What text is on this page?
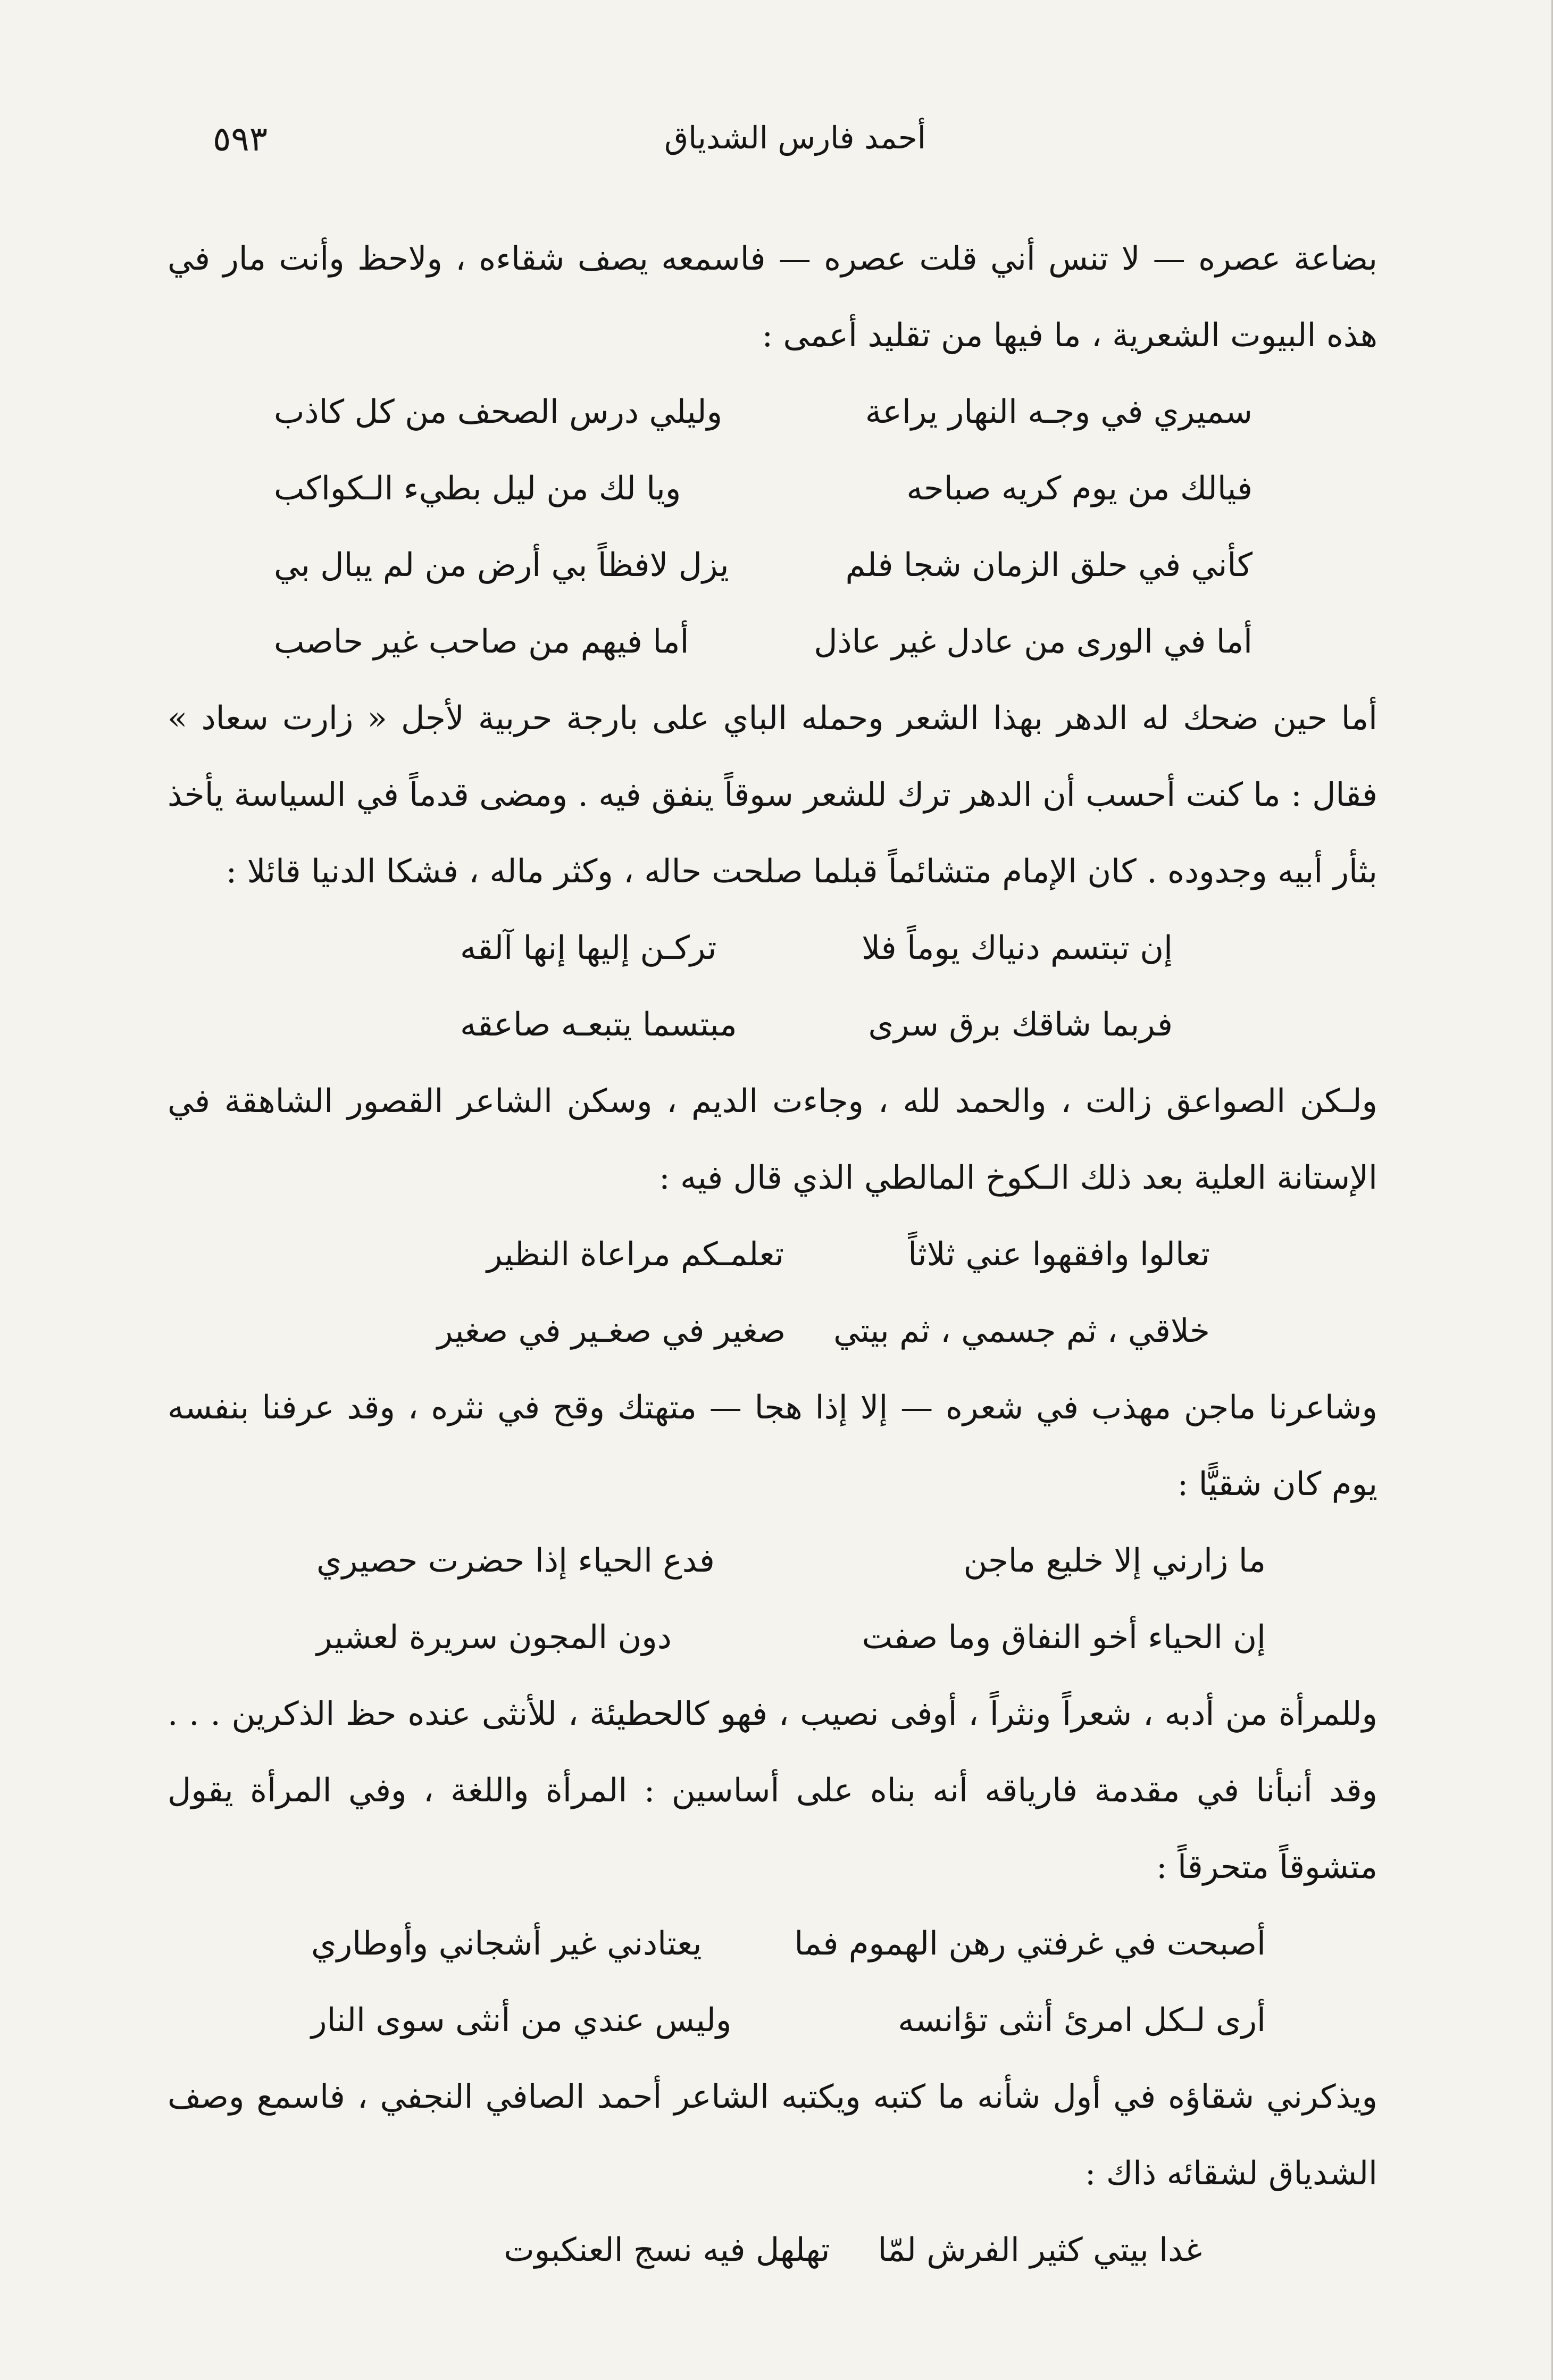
٥٩٣	أحمد فارس الشدياق

بضاعة عصره — لا تنس أني قلت عصره — فاسمعه يصف شقاءه ، ولاحظ وأنت مار في هذه البيوت الشعرية ، ما فيها من تقليد أعمى :

سميري في وجـه النهار يراعة
وليلي درس الصحف من كل كاذب
فيالك من يوم كريه صباحه
ويا لك من ليل بطيء الـكواكب
كأني في حلق الزمان شجا فلم
يزل لافظاً بي أرض من لم يبال بي
أما في الورى من عادل غير عاذل
أما فيهم من صاحب غير حاصب

أما حين ضحك له الدهر بهذا الشعر وحمله الباي على بارجة حربية لأجل « زارت سعاد » فقال : ما كنت أحسب أن الدهر ترك للشعر سوقاً ينفق فيه . ومضى قدماً في السياسة يأخذ بثأر أبيه وجدوده . كان الإمام متشائماً قبلما صلحت حاله ، وكثر ماله ، فشكا الدنيا قائلا :

إن تبتسم دنياك يوماً فلا
تركـن إليها إنها آلقه
فربما شاقك برق سرى
مبتسما يتبعـه صاعقه

ولـكن الصواعق زالت ، والحمد لله ، وجاءت الديم ، وسكن الشاعر القصور الشاهقة في الإستانة العلية بعد ذلك الـكوخ المالطي الذي قال فيه :

تعالوا وافقهوا عني ثلاثاً
تعلمـكم مراعاة النظير
خلاقي ، ثم جسمي ، ثم بيتي
صغير في صغـير في صغير

وشاعرنا ماجن مهذب في شعره — إلا إذا هجا — متهتك وقح في نثره ، وقد عرفنا بنفسه يوم كان شقيًّا :

ما زارني إلا خليع ماجن
فدع الحياء إذا حضرت حصيري
إن الحياء أخو النفاق وما صفت
دون المجون سريرة لعشير

وللمرأة من أدبه ، شعراً ونثراً ، أوفى نصيب ، فهو كالحطيئة ، للأنثى عنده حظ الذكرين . . . وقد أنبأنا في مقدمة فارياقه أنه بناه على أساسين : المرأة واللغة ، وفي المرأة يقول متشوقاً متحرقاً :

أصبحت في غرفتي رهن الهموم فما
يعتادني غير أشجاني وأوطاري
أرى لـكل امرئ أنثى تؤانسه
وليس عندي من أنثى سوى النار

ويذكرني شقاؤه في أول شأنه ما كتبه ويكتبه الشاعر أحمد الصافي النجفي ، فاسمع وصف الشدياق لشقائه ذاك :

غدا بيتي كثير الفرش لمّا
تهلهل فيه نسج العنكبوت
